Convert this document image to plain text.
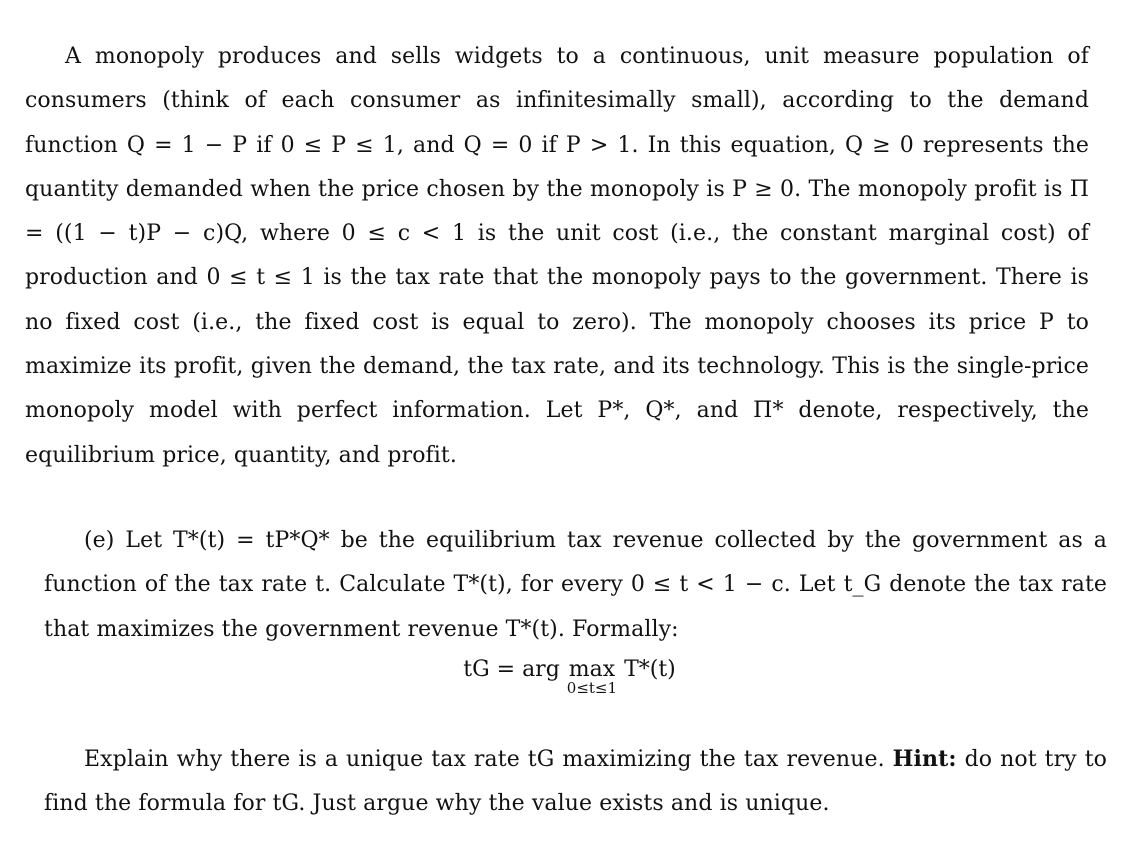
A monopoly produces and sells widgets to a continuous, unit measure population of consumers (think of each consumer as infinitesimally small), according to the demand function Q = 1 − P if 0 ≤ P ≤ 1, and Q = 0 if P > 1. In this equation, Q ≥ 0 represents the quantity demanded when the price chosen by the monopoly is P ≥ 0. The monopoly profit is Π = ((1 − t)P − c)Q, where 0 ≤ c < 1 is the unit cost (i.e., the constant marginal cost) of production and 0 ≤ t ≤ 1 is the tax rate that the monopoly pays to the government. There is no fixed cost (i.e., the fixed cost is equal to zero). The monopoly chooses its price P to maximize its profit, given the demand, the tax rate, and its technology. This is the single-price monopoly model with perfect information. Let P*, Q*, and Π* denote, respectively, the equilibrium price, quantity, and profit.

(e) Let T*(t) = tP*Q* be the equilibrium tax revenue collected by the government as a function of the tax rate t. Calculate T*(t), for every 0 ≤ t < 1 − c. Let t_G denote the tax rate that maximizes the government revenue T*(t). Formally:

tG = arg max
0≤t≤1
T*(t)

Explain why there is a unique tax rate tG maximizing the tax revenue. Hint: do not try to find the formula for tG. Just argue why the value exists and is unique.
